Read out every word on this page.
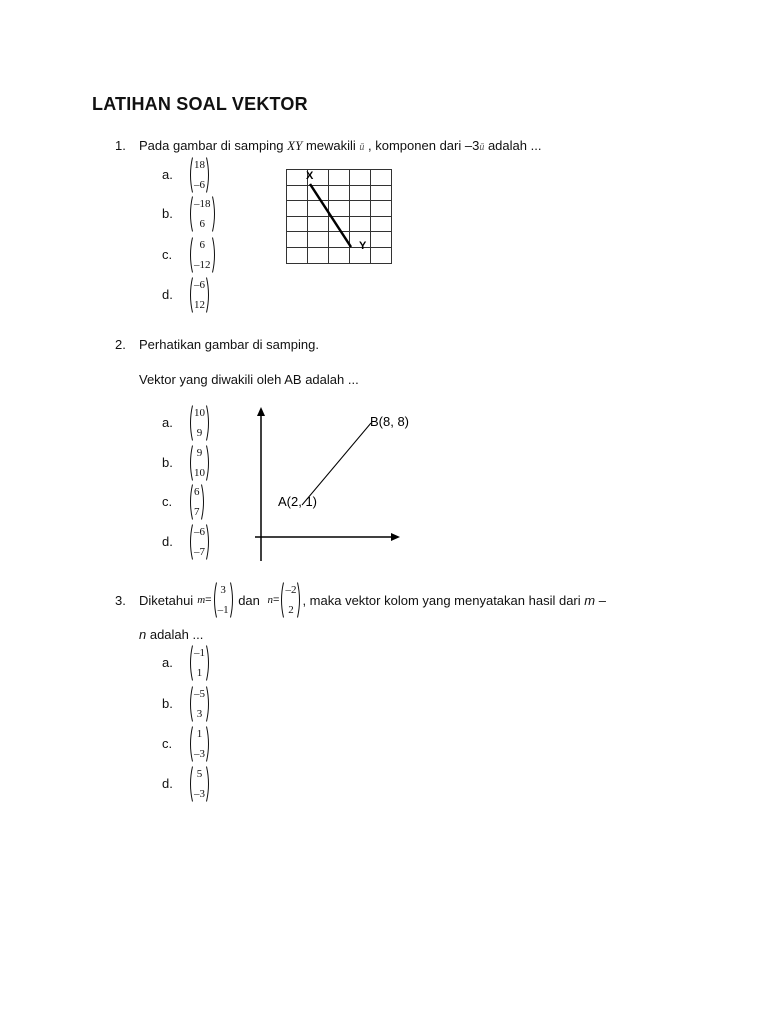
LATIHAN SOAL VEKTOR
1. Pada gambar di samping XY mewakili ū , komponen dari –3ū adalah ...
a.
18
–6
b.
–18
6
c.
6
–12
d.
–6
12
X
Y
2. Perhatikan gambar di samping.
Vektor yang diwakili oleh AB adalah ...
a.
10
9
b.
9
10
c.
6
7
d.
–6
–7
A(2, 1)
B(8, 8)
3. Diketahui m =
3
–1
dan n =
–2
2
, maka vektor kolom yang menyatakan hasil dari m –
n adalah ...
a.
–1
1
b.
–5
3
c.
1
–3
d.
5
–3
